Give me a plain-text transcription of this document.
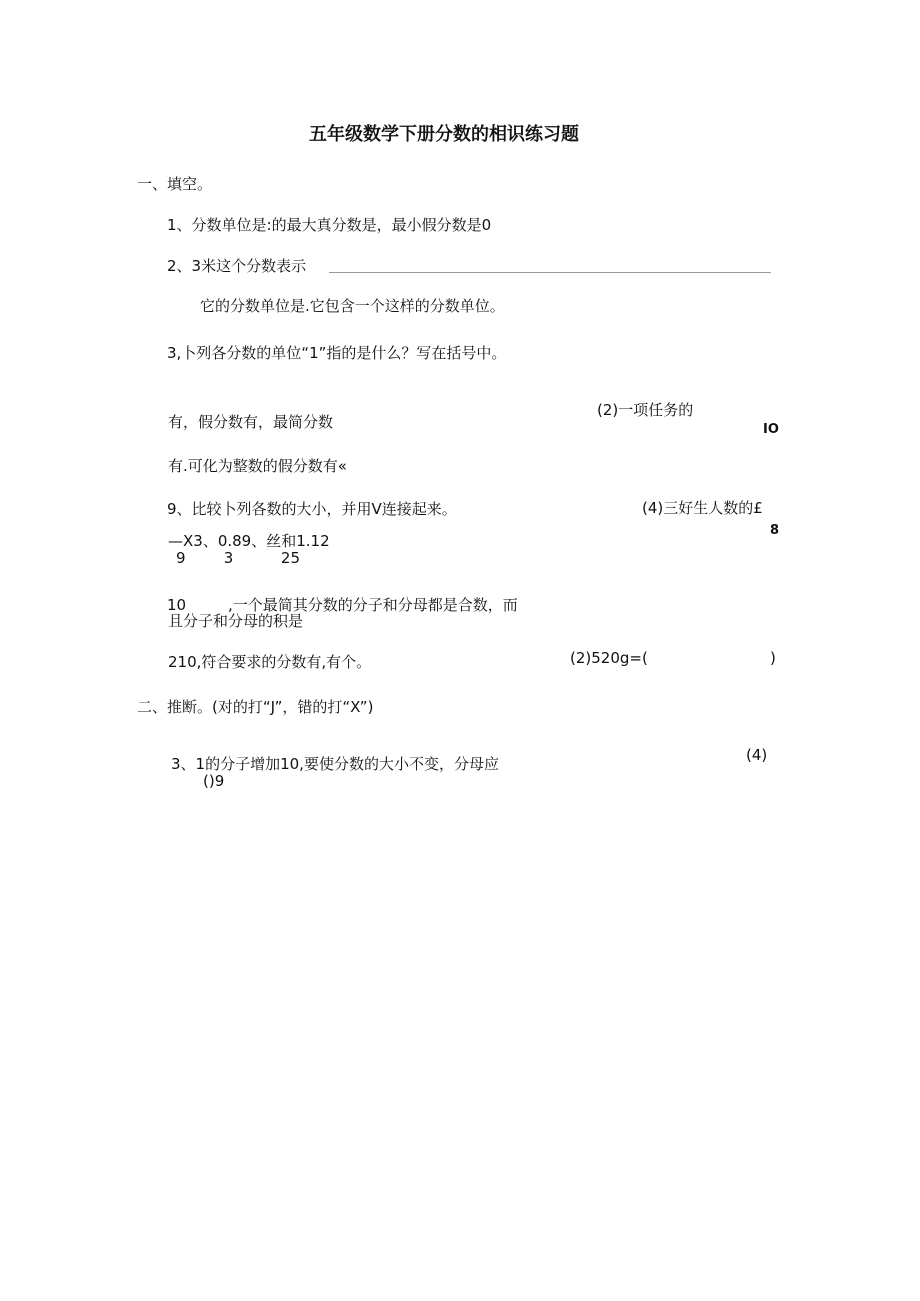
五年级数学下册分数的相识练习题
一、填空。
1、分数单位是:的最大真分数是，最小假分数是0
2、3米这个分数表示
它的分数单位是.它包含一个这样的分数单位。
3,卜列各分数的单位“1”指的是什么？写在括号中。
有，假分数有，最简分数
(2)一项任务的
IO
有.可化为整数的假分数有«
9、比较卜列各数的大小，并用V连接起来。	(4)三好生人数的£
8
—X3、0.89、丝和1.12
9        3          25
10	,一个最简其分数的分子和分母都是合数，而
且分子和分母的积是
210,符合要求的分数有,有个。	(2)520g=(	)
二、推断。(对的打“J”，错的打“X”)
3、1的分子增加10,要使分数的大小不变，分母应
()9
(4)
